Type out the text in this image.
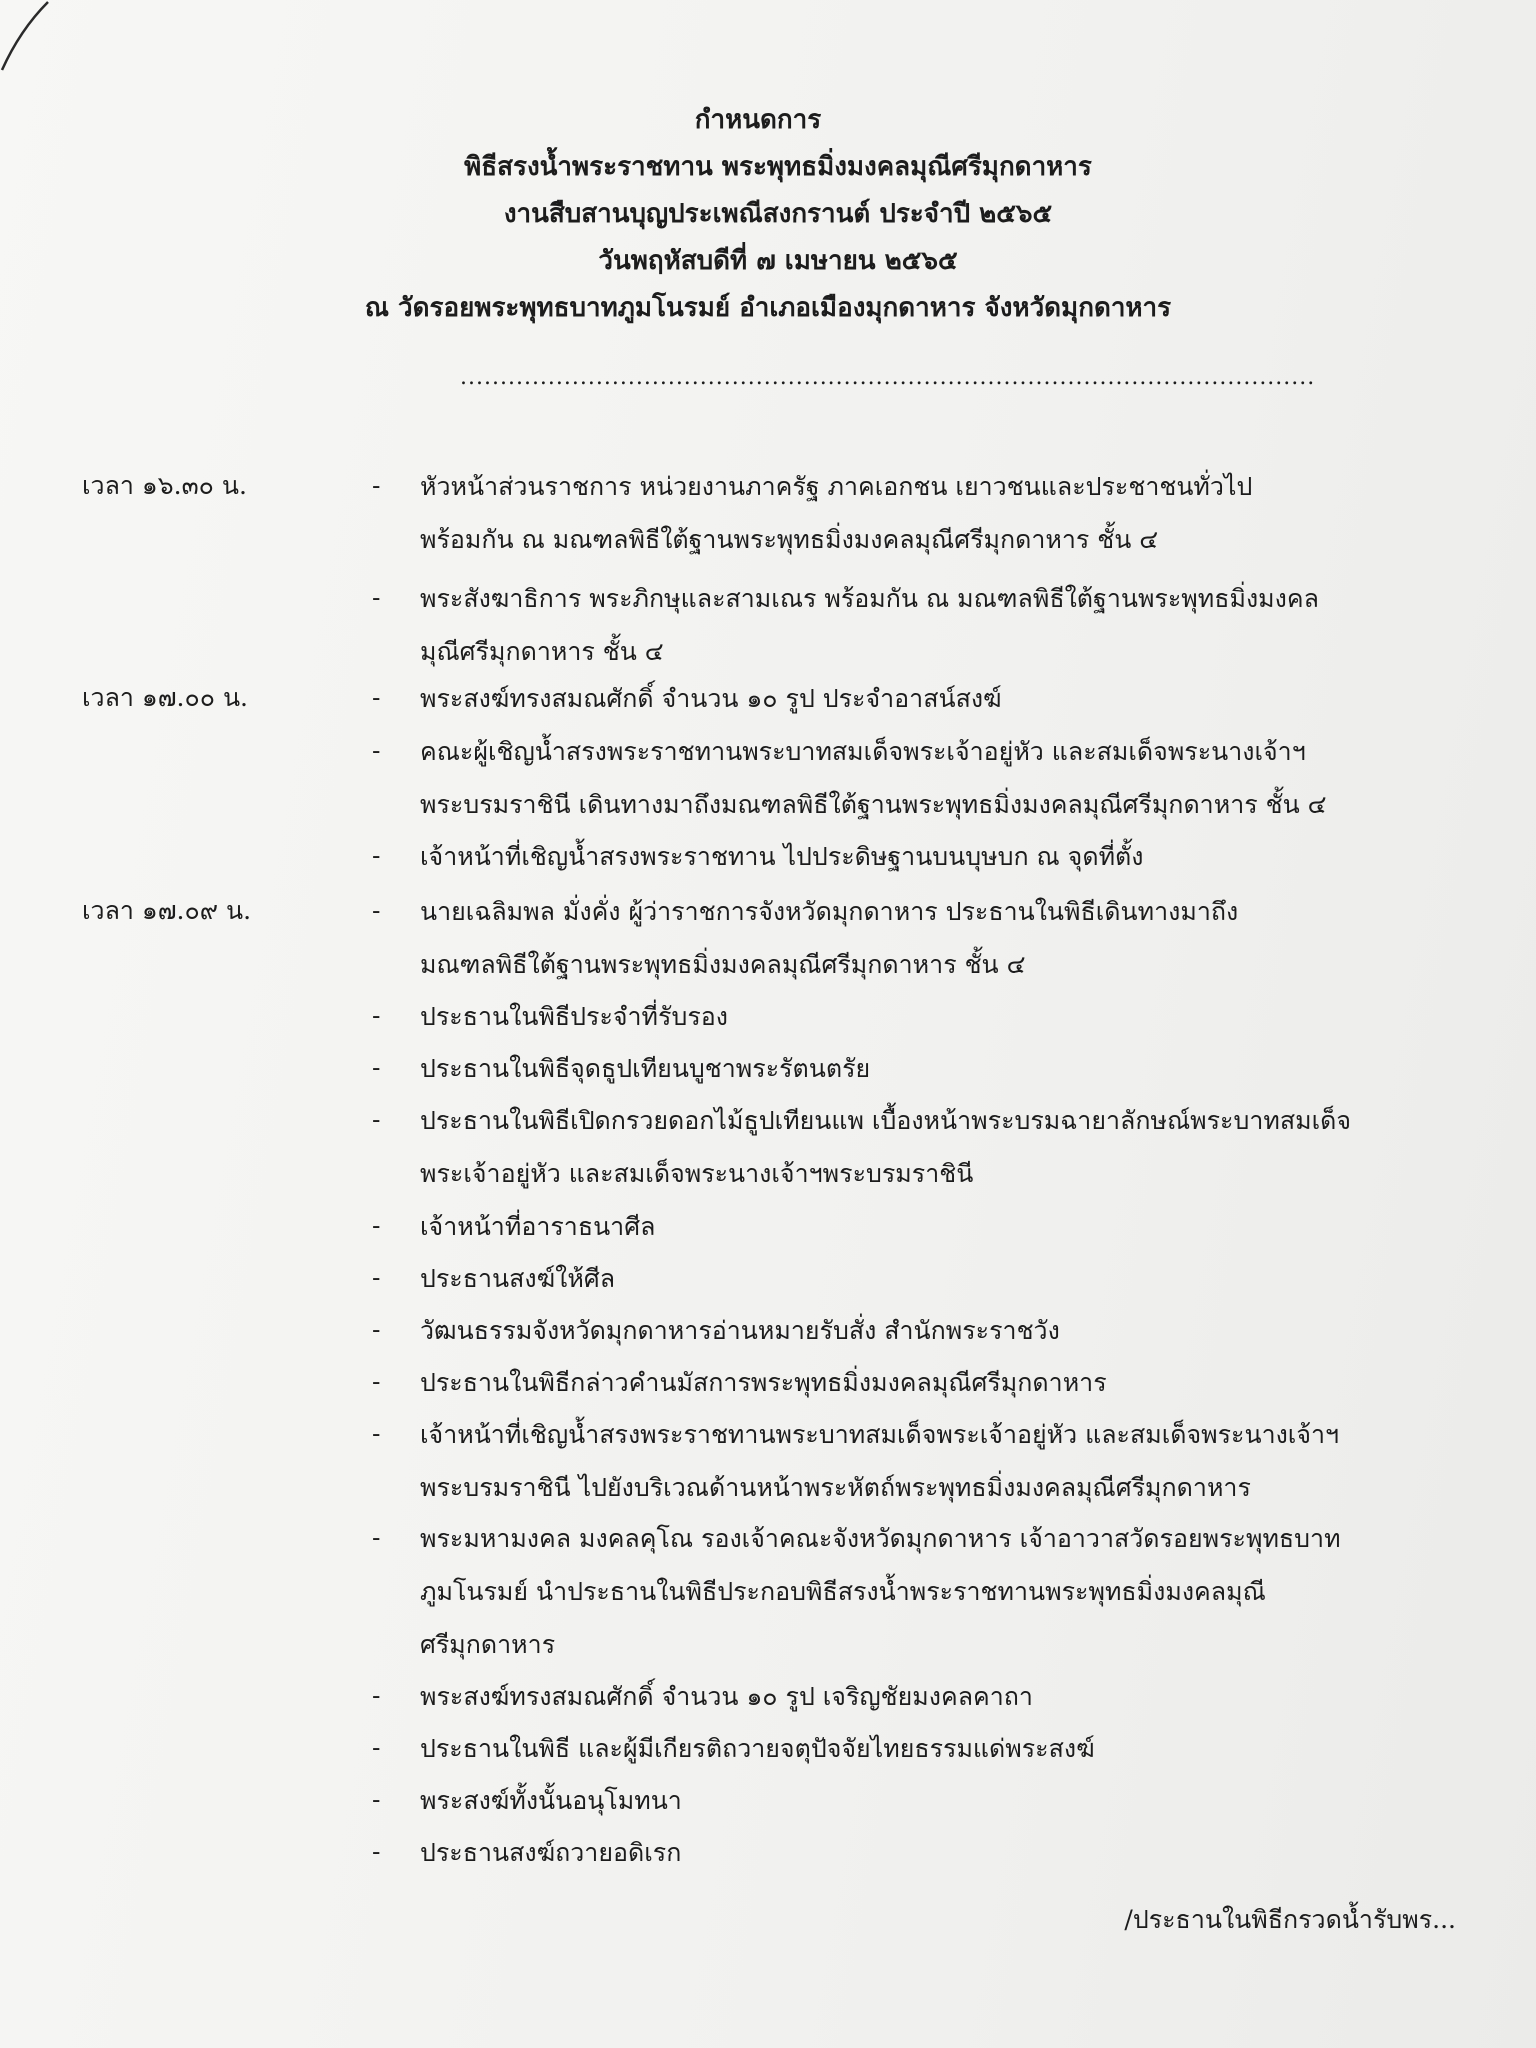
กำหนดการ
พิธีสรงน้ำพระราชทาน พระพุทธมิ่งมงคลมุณีศรีมุกดาหาร
งานสืบสานบุญประเพณีสงกรานต์ ประจำปี ๒๕๖๕
วันพฤหัสบดีที่ ๗ เมษายน ๒๕๖๕
ณ วัดรอยพระพุทธบาทภูมโนรมย์ อำเภอเมืองมุกดาหาร จังหวัดมุกดาหาร
...........................................................................................................
เวลา ๑๖.๓๐ น.	- หัวหน้าส่วนราชการ หน่วยงานภาครัฐ ภาคเอกชน เยาวชนและประชาชนทั่วไป
พร้อมกัน ณ มณฑลพิธีใต้ฐานพระพุทธมิ่งมงคลมุณีศรีมุกดาหาร ชั้น ๔
- พระสังฆาธิการ พระภิกษุและสามเณร พร้อมกัน ณ มณฑลพิธีใต้ฐานพระพุทธมิ่งมงคล
มุณีศรีมุกดาหาร ชั้น ๔
เวลา ๑๗.๐๐ น.	- พระสงฆ์ทรงสมณศักดิ์ จำนวน ๑๐ รูป ประจำอาสน์สงฆ์
- คณะผู้เชิญน้ำสรงพระราชทานพระบาทสมเด็จพระเจ้าอยู่หัว และสมเด็จพระนางเจ้าฯ
พระบรมราชินี เดินทางมาถึงมณฑลพิธีใต้ฐานพระพุทธมิ่งมงคลมุณีศรีมุกดาหาร ชั้น ๔
- เจ้าหน้าที่เชิญน้ำสรงพระราชทาน ไปประดิษฐานบนบุษบก ณ จุดที่ตั้ง
เวลา ๑๗.๐๙ น.	- นายเฉลิมพล มั่งคั่ง ผู้ว่าราชการจังหวัดมุกดาหาร ประธานในพิธีเดินทางมาถึง
มณฑลพิธีใต้ฐานพระพุทธมิ่งมงคลมุณีศรีมุกดาหาร ชั้น ๔
- ประธานในพิธีประจำที่รับรอง
- ประธานในพิธีจุดธูปเทียนบูชาพระรัตนตรัย
- ประธานในพิธีเปิดกรวยดอกไม้ธูปเทียนแพ เบื้องหน้าพระบรมฉายาลักษณ์พระบาทสมเด็จ
พระเจ้าอยู่หัว และสมเด็จพระนางเจ้าฯพระบรมราชินี
- เจ้าหน้าที่อาราธนาศีล
- ประธานสงฆ์ให้ศีล
- วัฒนธรรมจังหวัดมุกดาหารอ่านหมายรับสั่ง สำนักพระราชวัง
- ประธานในพิธีกล่าวคำนมัสการพระพุทธมิ่งมงคลมุณีศรีมุกดาหาร
- เจ้าหน้าที่เชิญน้ำสรงพระราชทานพระบาทสมเด็จพระเจ้าอยู่หัว และสมเด็จพระนางเจ้าฯ
พระบรมราชินี ไปยังบริเวณด้านหน้าพระหัตถ์พระพุทธมิ่งมงคลมุณีศรีมุกดาหาร
- พระมหามงคล มงคลคุโณ รองเจ้าคณะจังหวัดมุกดาหาร เจ้าอาวาสวัดรอยพระพุทธบาท
ภูมโนรมย์ นำประธานในพิธีประกอบพิธีสรงน้ำพระราชทานพระพุทธมิ่งมงคลมุณี
ศรีมุกดาหาร
- พระสงฆ์ทรงสมณศักดิ์ จำนวน ๑๐ รูป เจริญชัยมงคลคาถา
- ประธานในพิธี และผู้มีเกียรติถวายจตุปัจจัยไทยธรรมแด่พระสงฆ์
- พระสงฆ์ทั้งนั้นอนุโมทนา
- ประธานสงฆ์ถวายอดิเรก
/ประธานในพิธีกรวดน้ำรับพร...
